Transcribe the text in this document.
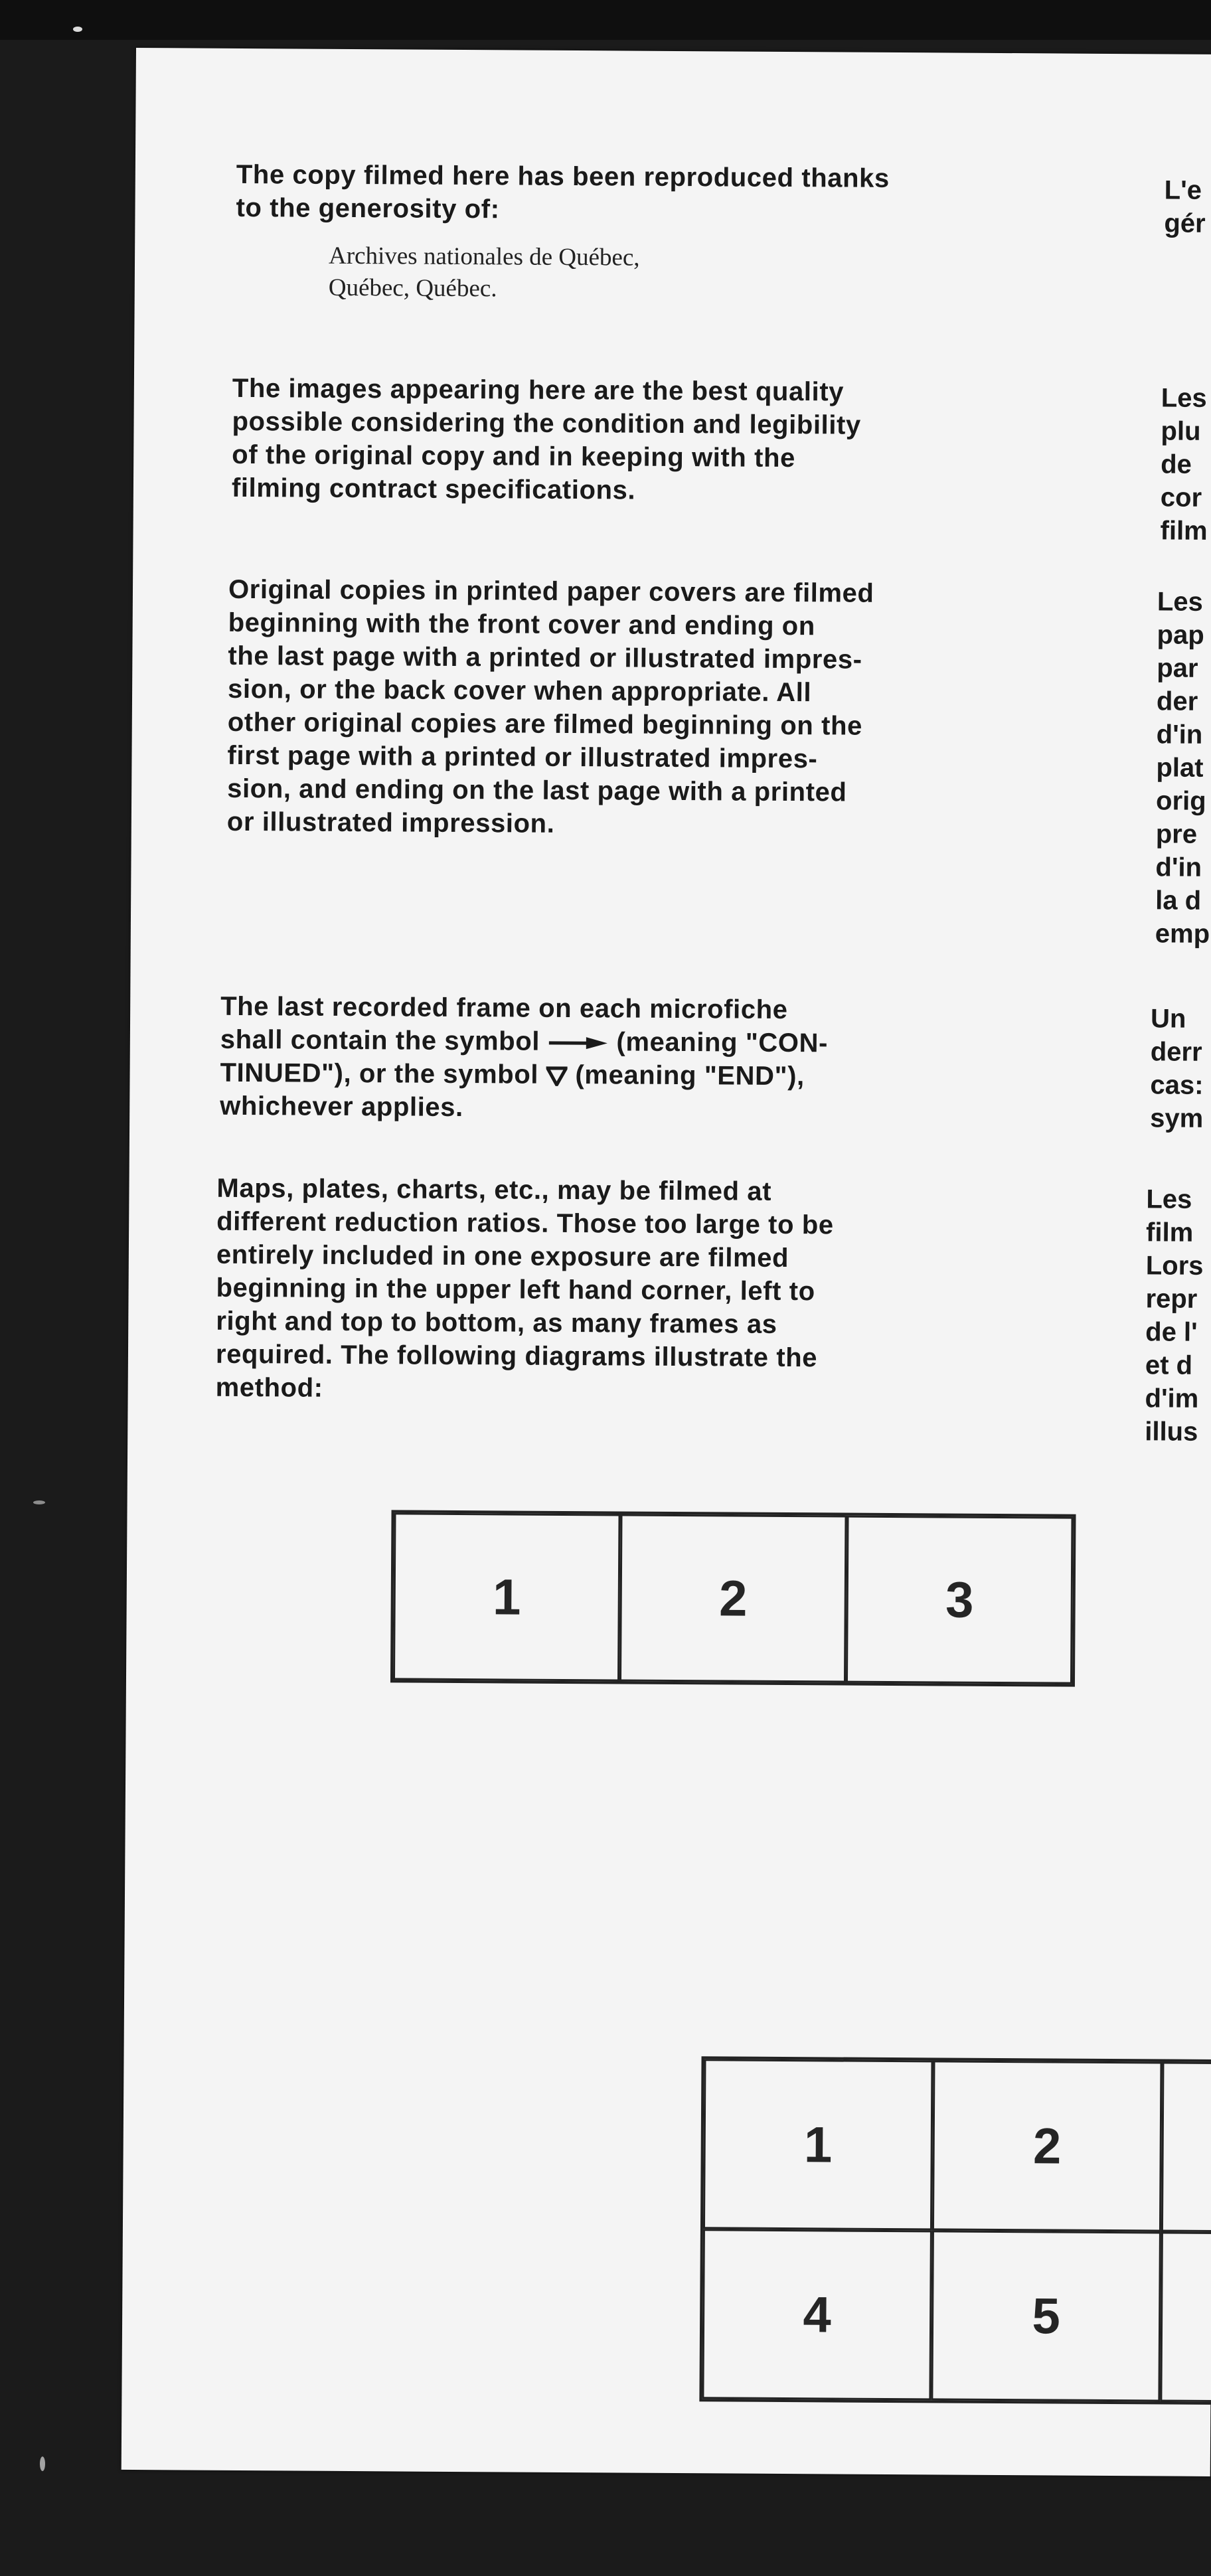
The copy filmed here has been reproduced thanks
to the generosity of:
Archives nationales de Québec,
Québec, Québec.
The images appearing here are the best quality
possible considering the condition and legibility
of the original copy and in keeping with the
filming contract specifications.
Original copies in printed paper covers are filmed
beginning with the front cover and ending on
the last page with a printed or illustrated impres-
sion, or the back cover when appropriate. All
other original copies are filmed beginning on the
first page with a printed or illustrated impres-
sion, and ending on the last page with a printed
or illustrated impression.
The last recorded frame on each microfiche
shall contain the symbol	(meaning "CON-
TINUED"), or the symbol (meaning "END"),
whichever applies.
Maps, plates, charts, etc., may be filmed at
different reduction ratios. Those too large to be
entirely included in one exposure are filmed
beginning in the upper left hand corner, left to
right and top to bottom, as many frames as
required. The following diagrams illustrate the
method:
L'e
gér
Les
plu
de
cor
film
Les
pap
par
der
d'in
plat
orig
pre
d'in
la d
emp
Un
derr
cas:
sym
Les
film
Lors
repr
de l'
et d
d'im
illus
1	2	3
1	2
4	5
